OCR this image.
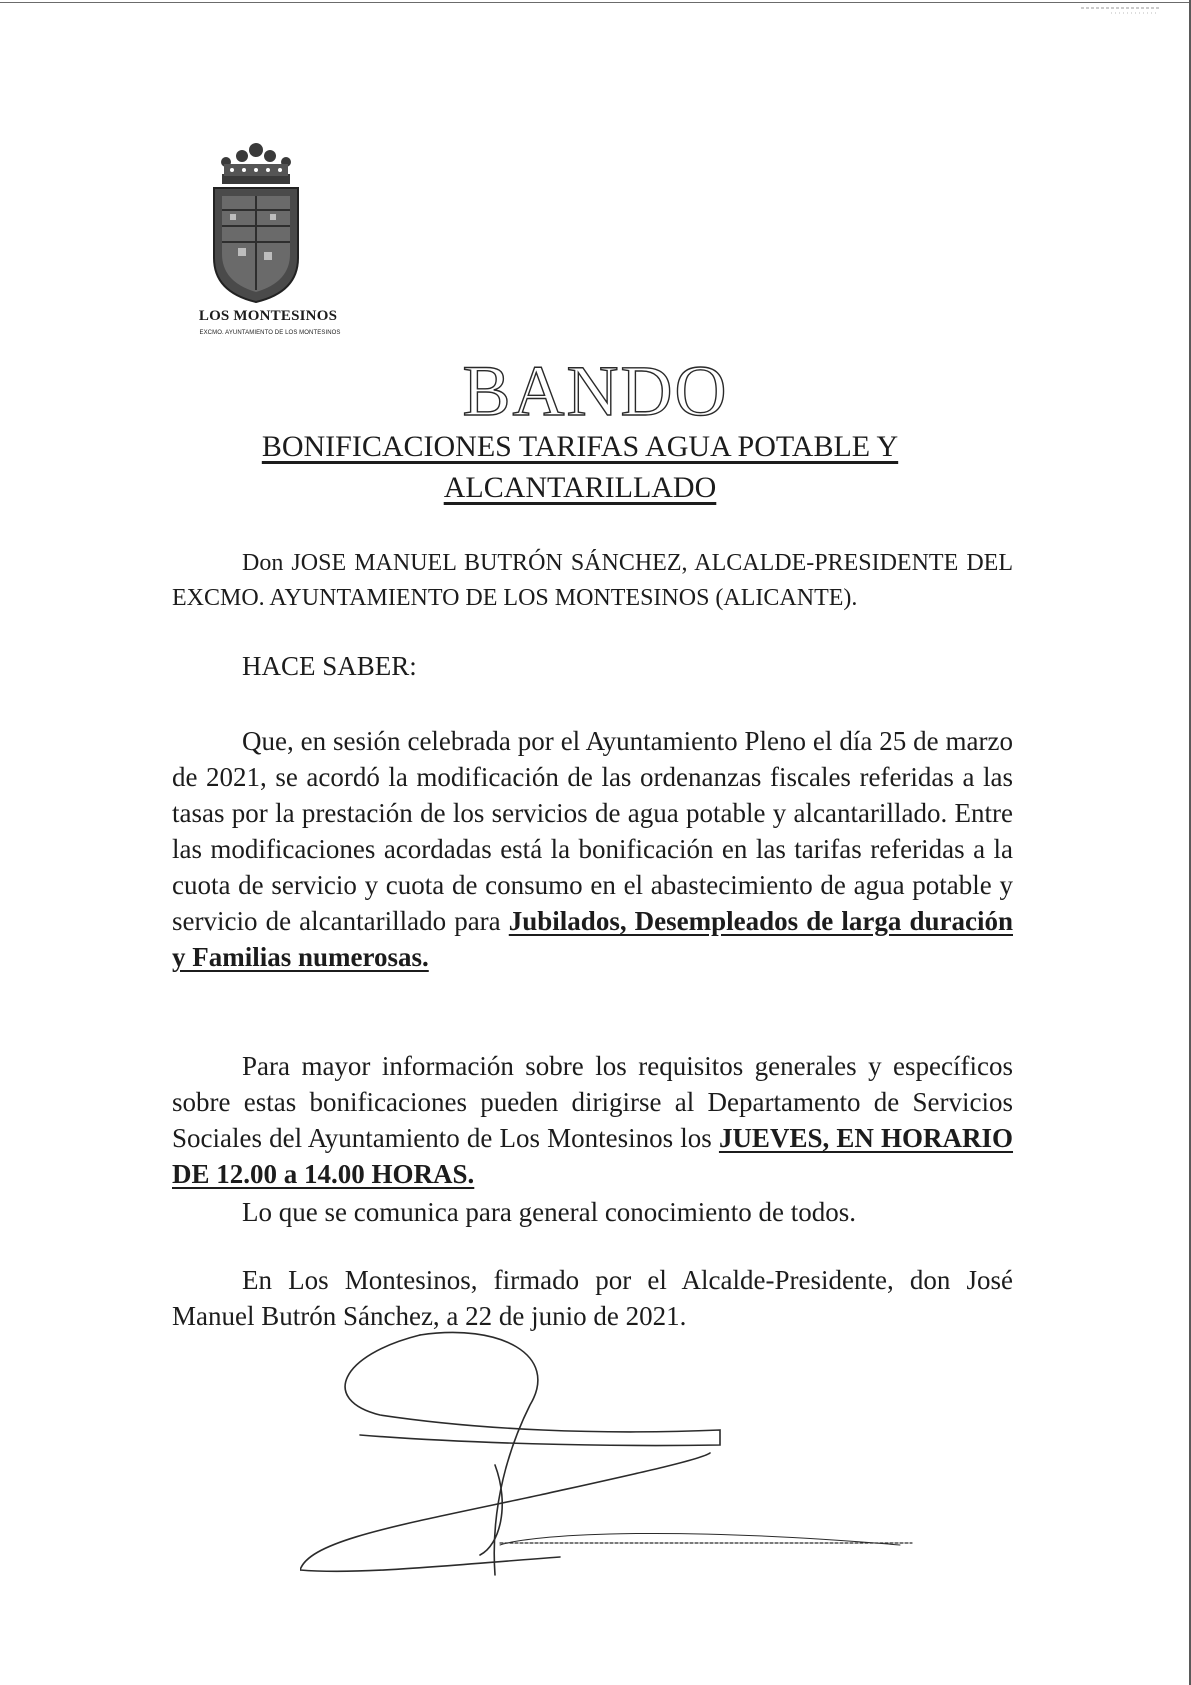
LOS MONTESINOS
EXCMO. AYUNTAMIENTO DE LOS MONTESINOS
BANDO
BONIFICACIONES TARIFAS AGUA POTABLE Y ALCANTARILLADO
Don JOSE MANUEL BUTRÓN SÁNCHEZ, ALCALDE-PRESIDENTE DEL EXCMO. AYUNTAMIENTO DE LOS MONTESINOS (ALICANTE).
HACE SABER:
Que, en sesión celebrada por el Ayuntamiento Pleno el día 25 de marzo de 2021, se acordó la modificación de las ordenanzas fiscales referidas a las tasas por la prestación de los servicios de agua potable y alcantarillado. Entre las modificaciones acordadas está la bonificación en las tarifas referidas a la cuota de servicio y cuota de consumo en el abastecimiento de agua potable y servicio de alcantarillado para Jubilados, Desempleados de larga duración y Familias numerosas.
Para mayor información sobre los requisitos generales y específicos sobre estas bonificaciones pueden dirigirse al Departamento de Servicios Sociales del Ayuntamiento de Los Montesinos los JUEVES, EN HORARIO DE 12.00 a 14.00 HORAS.
Lo que se comunica para general conocimiento de todos.
En Los Montesinos, firmado por el Alcalde-Presidente, don José Manuel Butrón Sánchez, a 22 de junio de 2021.
